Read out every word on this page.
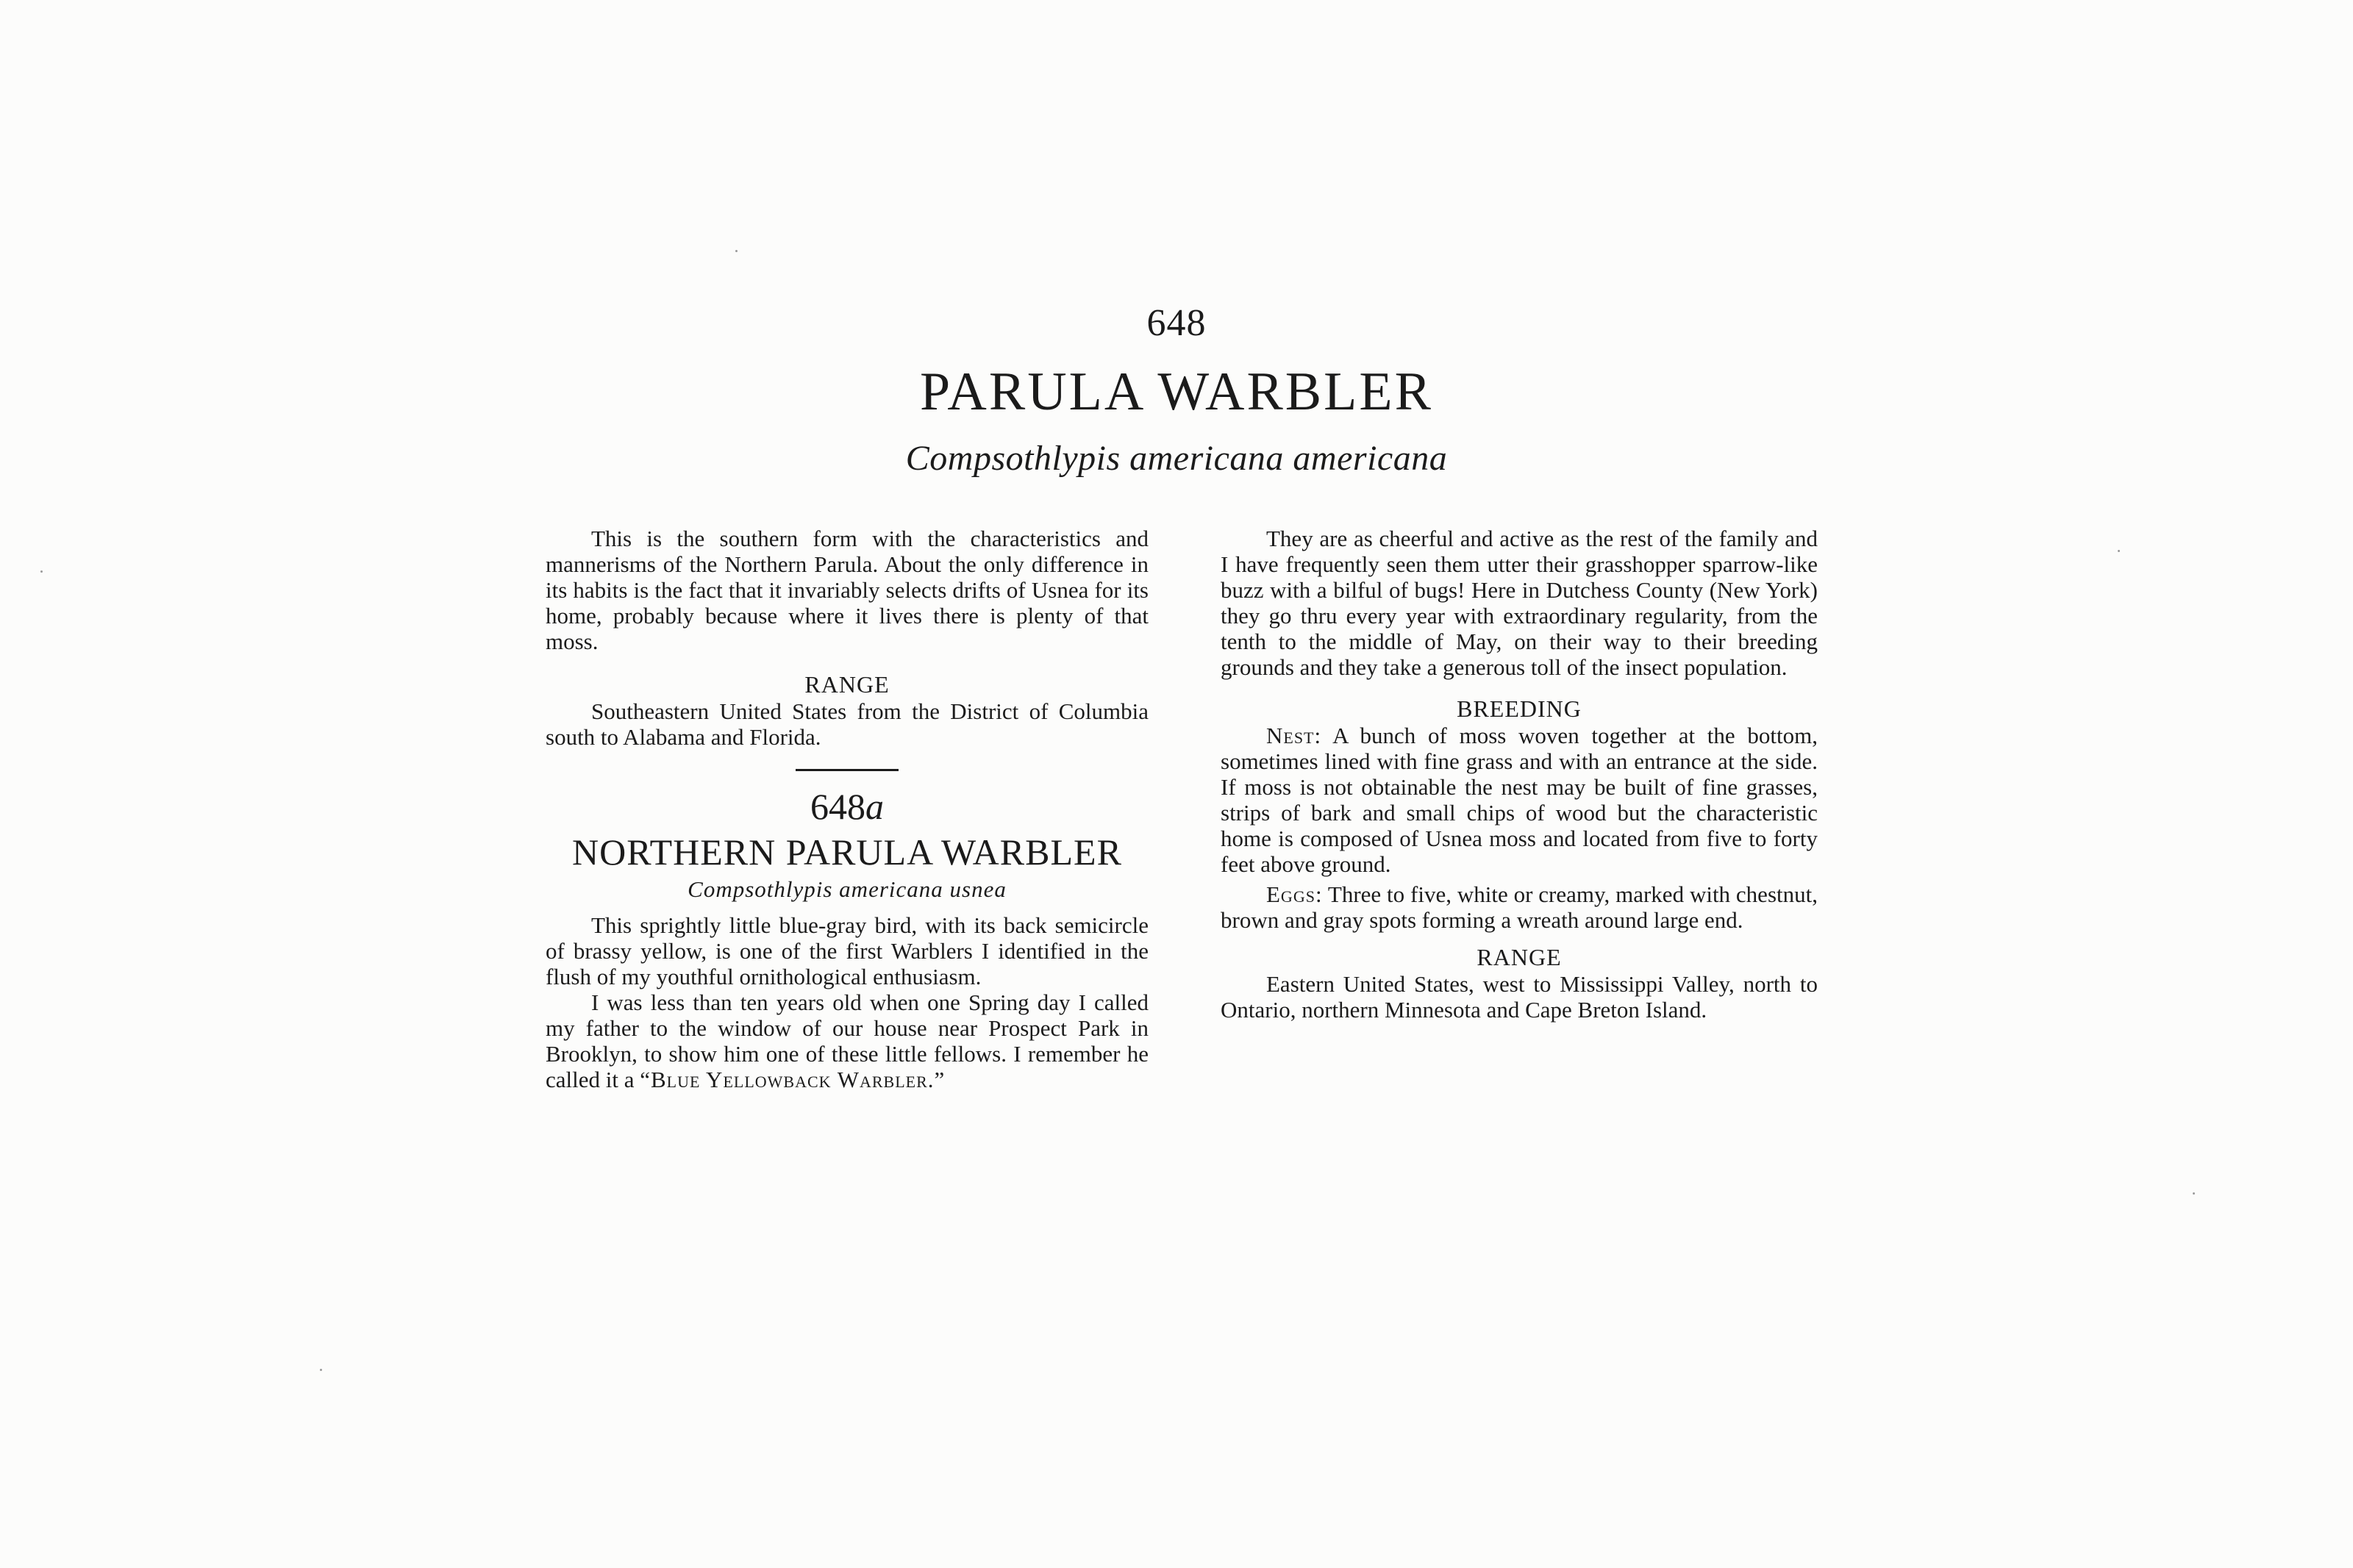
648
PARULA WARBLER
Compsothlypis americana americana

This is the southern form with the characteristics and mannerisms of the Northern Parula. About the only difference in its habits is the fact that it invariably selects drifts of Usnea for its home, probably because where it lives there is plenty of that moss.

RANGE

Southeastern United States from the District of Columbia south to Alabama and Florida.

648a
NORTHERN PARULA WARBLER
Compsothlypis americana usnea

This sprightly little blue-gray bird, with its back semicircle of brassy yellow, is one of the first Warblers I identified in the flush of my youthful ornithological enthusiasm.

I was less than ten years old when one Spring day I called my father to the window of our house near Prospect Park in Brooklyn, to show him one of these little fellows. I remember he called it a “Blue Yellowback Warbler.”

They are as cheerful and active as the rest of the family and I have frequently seen them utter their grasshopper sparrow-like buzz with a bilful of bugs! Here in Dutchess County (New York) they go thru every year with extraordinary regularity, from the tenth to the middle of May, on their way to their breeding grounds and they take a generous toll of the insect population.

BREEDING

Nest: A bunch of moss woven together at the bottom, sometimes lined with fine grass and with an entrance at the side. If moss is not obtainable the nest may be built of fine grasses, strips of bark and small chips of wood but the characteristic home is composed of Usnea moss and located from five to forty feet above ground.

Eggs: Three to five, white or creamy, marked with chestnut, brown and gray spots forming a wreath around large end.

RANGE

Eastern United States, west to Mississippi Valley, north to Ontario, northern Minnesota and Cape Breton Island.
